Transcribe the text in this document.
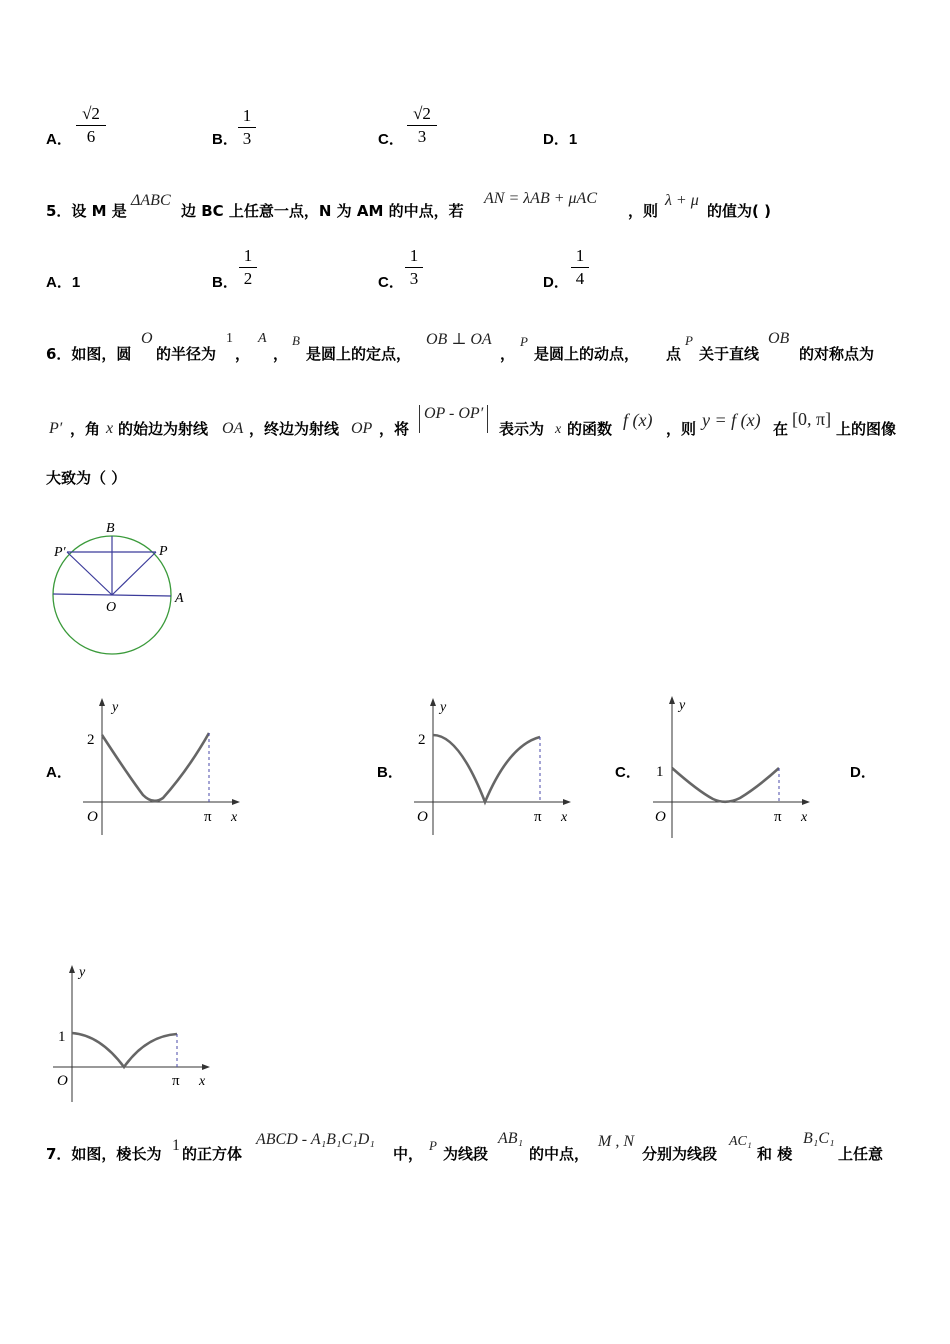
A．
√2
6	B．
1
3	C．
√2
3	D．1
5．设 M 是
ΔABC
边 BC 上任意一点，N 为 AM 的中点，若
AN = λAB + μAC
，则
λ + μ
的值为( )
A．1	B．
1
2	C．
1
3	D．
1
4
6．如图，圆
O
的半径为
1
，
A
，
B
是圆上的定点，
OB ⊥ OA
，
P
是圆上的动点， 点
P
关于直线
OB
的对称点为
P′ ，角 x 的始边为射线 OA ，终边为射线 OP ，将
OP - OP′
表示为 x 的函数 f (x) ，则 y = f (x) 在 [0, π] 上的图像
大致为（ ）
B
P′	P
O
A
A．
y
2
O	π x
B．
y
2
O	π x
C．
y
1
O	π x
D．
y
1
O	π x
7．如图，棱长为 1 的正方体
ABCD - A₁B₁C₁D₁
中， P 为线段
AB₁
的中点，
M , N
分别为线段
AC₁
和 棱
B₁C₁
上任意
